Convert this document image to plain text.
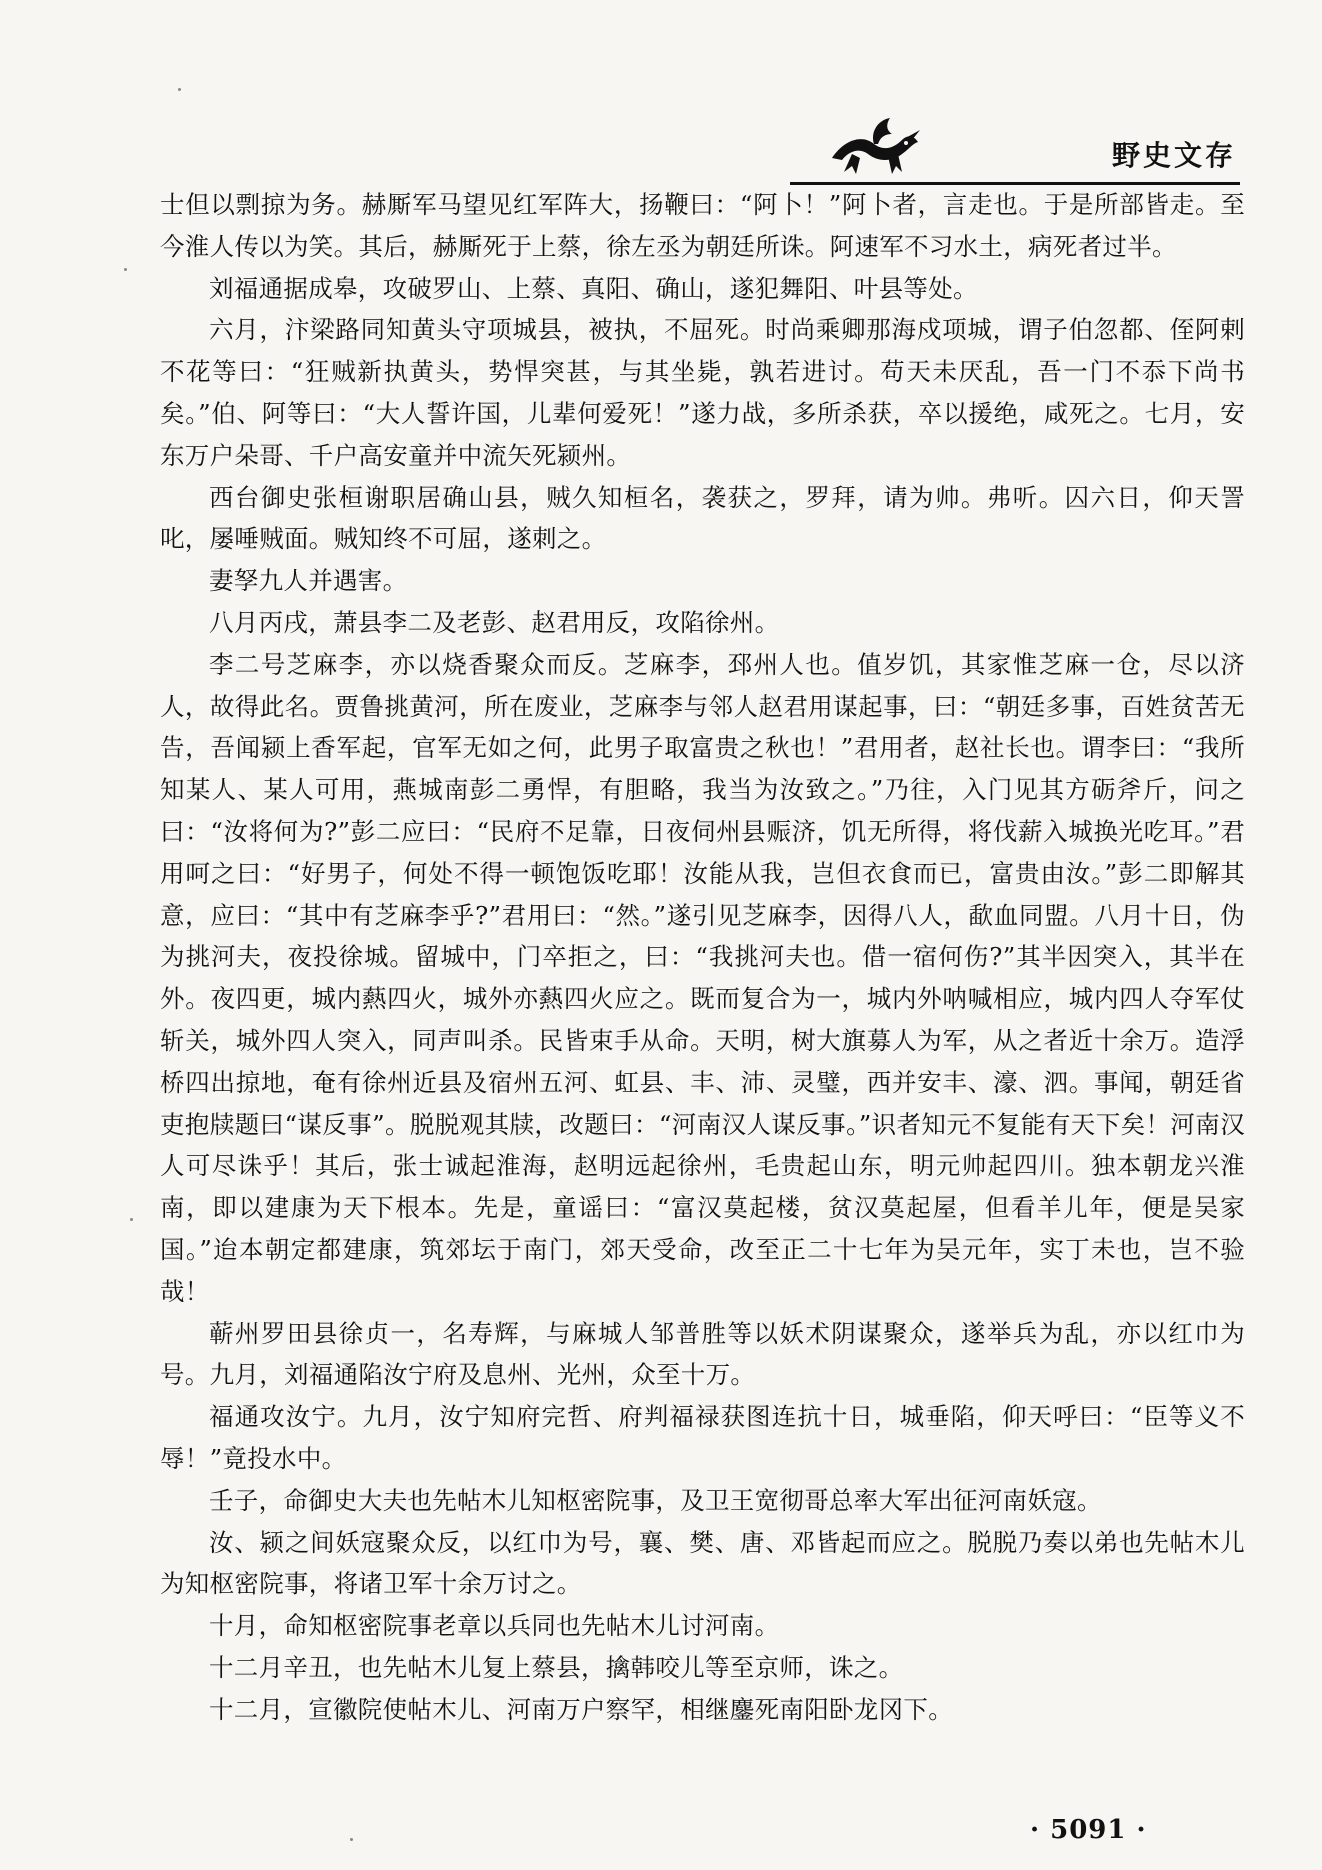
野史文存

士但以剽掠为务。赫厮军马望见红军阵大，扬鞭曰：“阿卜！”阿卜者，言走也。于是所部皆走。至今淮人传以为笑。其后，赫厮死于上蔡，徐左丞为朝廷所诛。阿速军不习水土，病死者过半。

刘福通据成皋，攻破罗山、上蔡、真阳、确山，遂犯舞阳、叶县等处。

六月，汴梁路同知黄头守项城县，被执，不屈死。时尚乘卿那海戍项城，谓子伯忽都、侄阿剌不花等曰：“狂贼新执黄头，势悍突甚，与其坐毙，孰若进讨。苟天未厌乱，吾一门不忝下尚书矣。”伯、阿等曰：“大人誓许国，儿辈何爱死！”遂力战，多所杀获，卒以援绝，咸死之。七月，安东万户朵哥、千户高安童并中流矢死颍州。

西台御史张桓谢职居确山县，贼久知桓名，袭获之，罗拜，请为帅。弗听。囚六日，仰天詈叱，屡唾贼面。贼知终不可屈，遂刺之。

妻孥九人并遇害。

八月丙戌，萧县李二及老彭、赵君用反，攻陷徐州。

李二号芝麻李，亦以烧香聚众而反。芝麻李，邳州人也。值岁饥，其家惟芝麻一仓，尽以济人，故得此名。贾鲁挑黄河，所在废业，芝麻李与邻人赵君用谋起事，曰：“朝廷多事，百姓贫苦无告，吾闻颍上香军起，官军无如之何，此男子取富贵之秋也！”君用者，赵社长也。谓李曰：“我所知某人、某人可用，燕城南彭二勇悍，有胆略，我当为汝致之。”乃往，入门见其方砺斧斤，问之曰：“汝将何为?”彭二应曰：“民府不足靠，日夜伺州县赈济，饥无所得，将伐薪入城换光吃耳。”君用呵之曰：“好男子，何处不得一顿饱饭吃耶！汝能从我，岂但衣食而已，富贵由汝。”彭二即解其意，应曰：“其中有芝麻李乎?”君用曰：“然。”遂引见芝麻李，因得八人，歃血同盟。八月十日，伪为挑河夫，夜投徐城。留城中，门卒拒之，曰：“我挑河夫也。借一宿何伤?”其半因突入，其半在外。夜四更，城内爇四火，城外亦爇四火应之。既而复合为一，城内外呐喊相应，城内四人夺军仗斩关，城外四人突入，同声叫杀。民皆束手从命。天明，树大旗募人为军，从之者近十余万。造浮桥四出掠地，奄有徐州近县及宿州五河、虹县、丰、沛、灵璧，西并安丰、濠、泗。事闻，朝廷省吏抱牍题曰“谋反事”。脱脱观其牍，改题曰：“河南汉人谋反事。”识者知元不复能有天下矣！河南汉人可尽诛乎！其后，张士诚起淮海，赵明远起徐州，毛贵起山东，明元帅起四川。独本朝龙兴淮南，即以建康为天下根本。先是，童谣曰：“富汉莫起楼，贫汉莫起屋，但看羊儿年，便是吴家国。”迨本朝定都建康，筑郊坛于南门，郊天受命，改至正二十七年为吴元年，实丁未也，岂不验哉！

蕲州罗田县徐贞一，名寿辉，与麻城人邹普胜等以妖术阴谋聚众，遂举兵为乱，亦以红巾为号。九月，刘福通陷汝宁府及息州、光州，众至十万。

福通攻汝宁。九月，汝宁知府完哲、府判福禄获图连抗十日，城垂陷，仰天呼曰：“臣等义不辱！”竟投水中。

壬子，命御史大夫也先帖木儿知枢密院事，及卫王宽彻哥总率大军出征河南妖寇。

汝、颍之间妖寇聚众反，以红巾为号，襄、樊、唐、邓皆起而应之。脱脱乃奏以弟也先帖木儿为知枢密院事，将诸卫军十余万讨之。

十月，命知枢密院事老章以兵同也先帖木儿讨河南。

十二月辛丑，也先帖木儿复上蔡县，擒韩咬儿等至京师，诛之。

十二月，宣徽院使帖木儿、河南万户察罕，相继鏖死南阳卧龙冈下。

· 5091 ·
